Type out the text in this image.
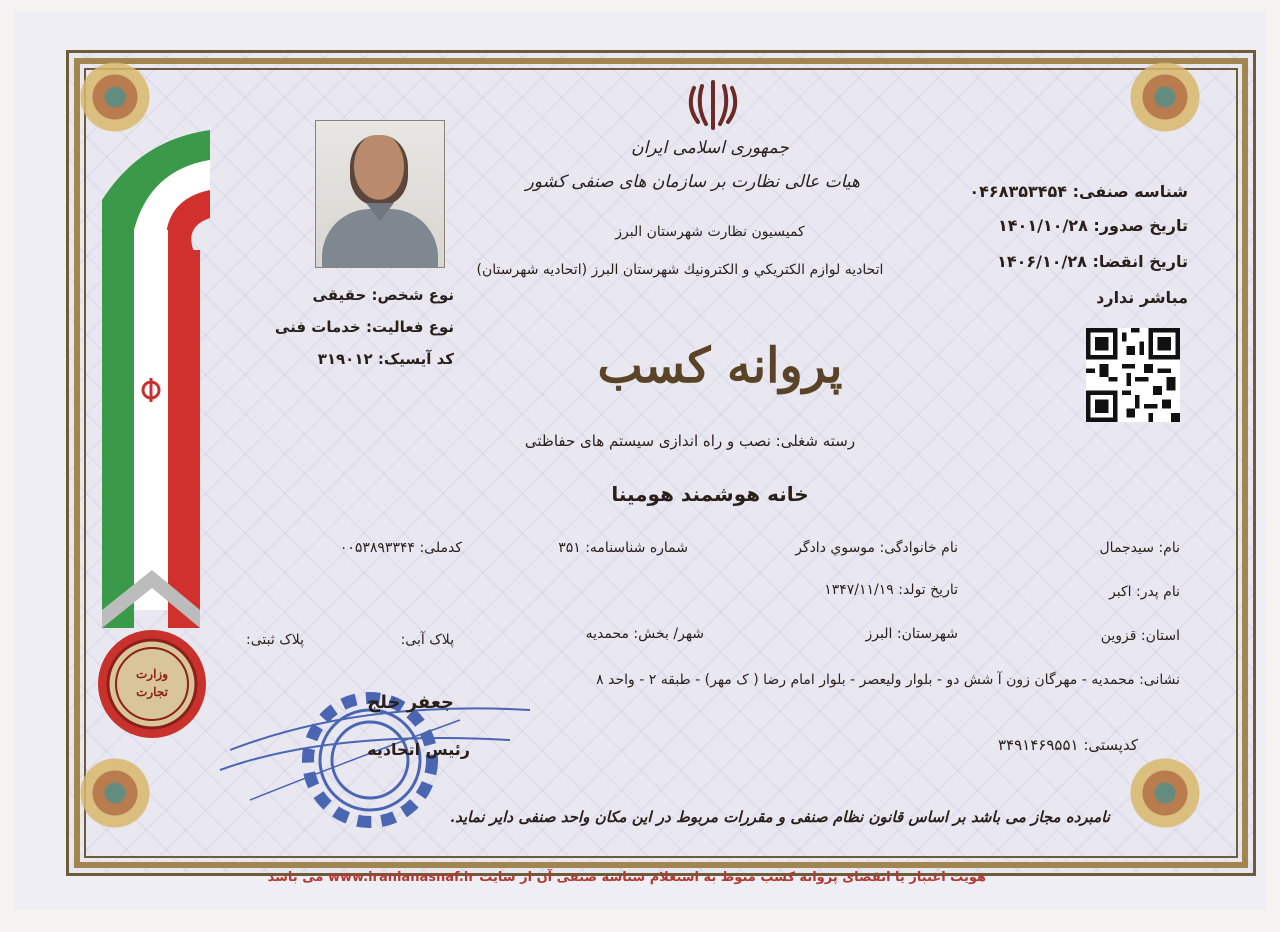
جمهوری اسلامی ایران
هیات عالی نظارت بر سازمان های صنفی کشور
کمیسیون نظارت شهرستان البرز
اتحادیه لوازم الکتریکي و الکترونیك شهرستان البرز (اتحادیه شهرستان)
پروانه کسب
رسته شغلی: نصب و راه اندازی سیستم های حفاظتی
خانه هوشمند هومینا
شناسه صنفی: ۰۴۶۸۳۵۳۴۵۴
تاریخ صدور: ۱۴۰۱/۱۰/۲۸
تاریخ انقضا: ۱۴۰۶/۱۰/۲۸
مباشر ندارد
نوع شخص: حقیقی
نوع فعالیت: خدمات فنی
کد آیسیک: ۳۱۹۰۱۲
نام: سیدجمال
نام خانوادگی: موسوي دادگر
شماره شناسنامه: ۳۵۱
کدملی: ۰۰۵۳۸۹۳۳۴۴
نام پدر: اکبر
تاریخ تولد: ۱۳۴۷/۱۱/۱۹
استان: قزوین
شهرستان: البرز
شهر/ بخش: محمدیه
پلاک آبی:
پلاک ثبتی:
نشانی: محمدیه - مهرگان زون آ شش دو - بلوار ولیعصر - بلوار امام رضا ( ک مهر) - طبقه ۲ - واحد ۸
کدپستی: ۳۴۹۱۴۶۹۵۵۱
وزارت
تجارت	جعفر خلج
رئیس اتحادیه
نامبرده مجاز می باشد بر اساس قانون نظام صنفی و مقررات مربوط در این مکان واحد صنفی دایر نماید.
هویت اعتبار یا انقضای پروانه کسب منوط به استعلام شناسه صنفی آن از سایت www.iranianasnaf.ir می باشد
